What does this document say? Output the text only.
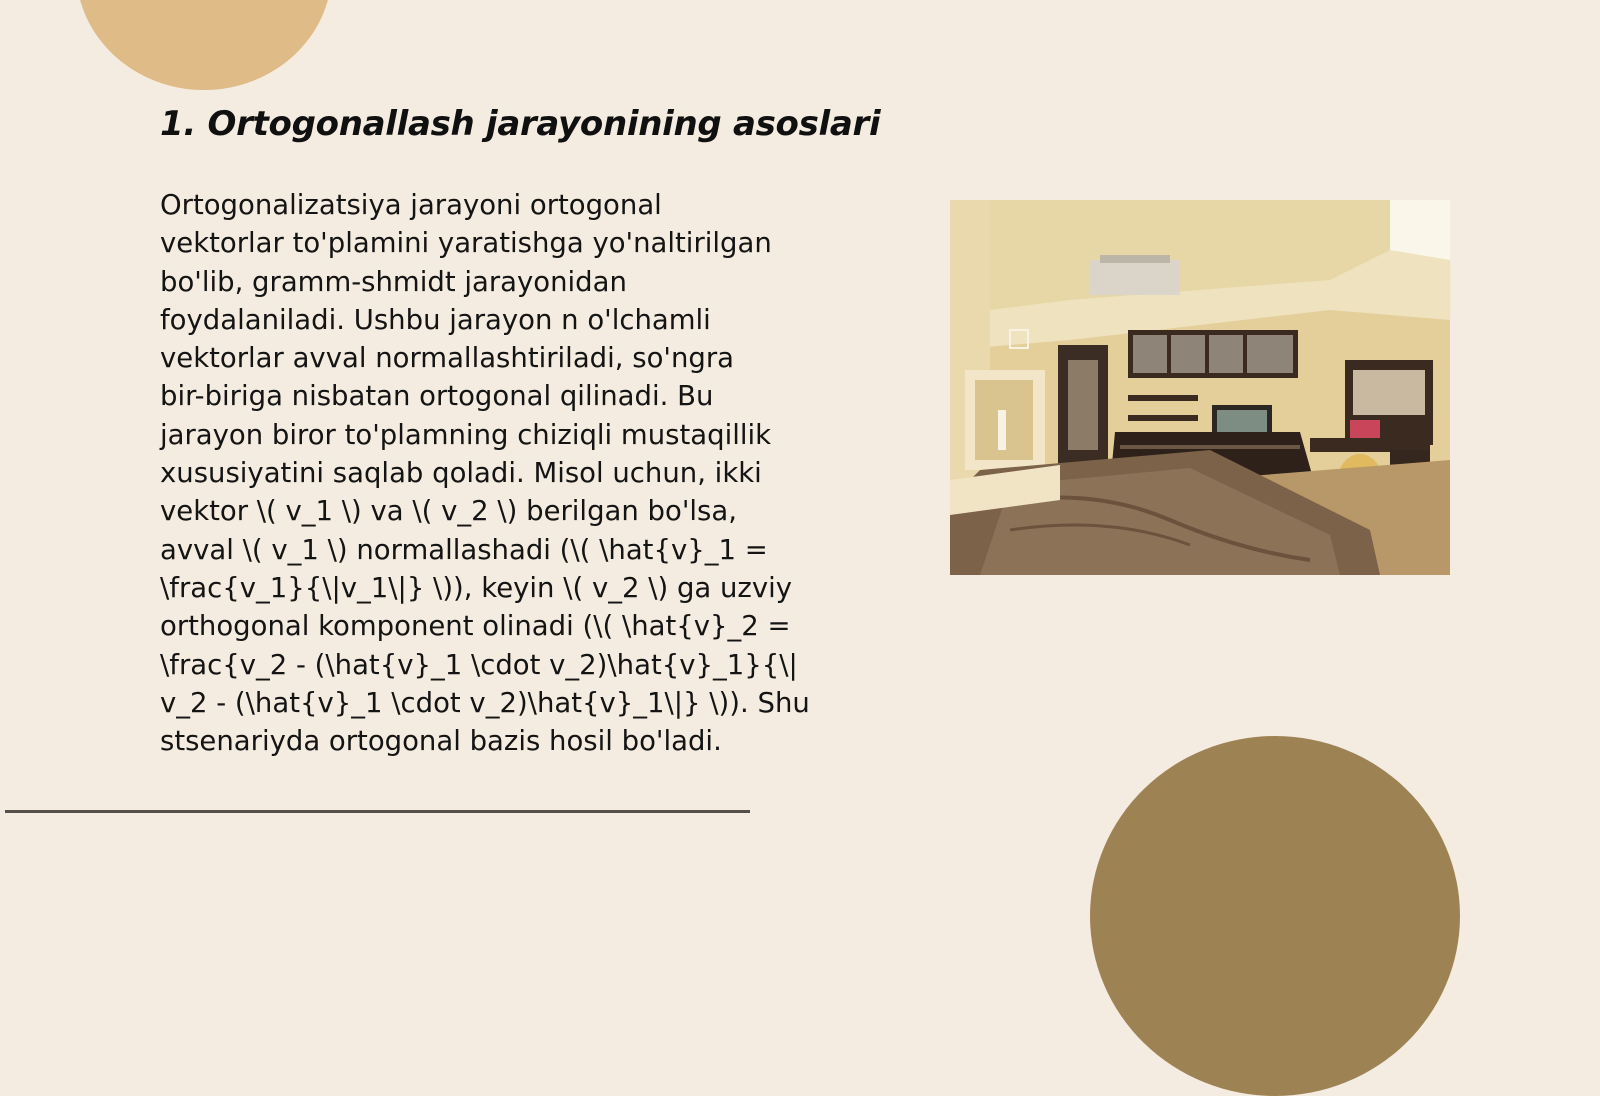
1. Ortogonallash jarayonining asoslari

Ortogonalizatsiya jarayoni ortogonal
vektorlar to'plamini yaratishga yo'naltirilgan
bo'lib, gramm-shmidt jarayonidan
foydalaniladi. Ushbu jarayon n o'lchamli
vektorlar avval normallashtiriladi, so'ngra
bir-biriga nisbatan ortogonal qilinadi. Bu
jarayon biror to'plamning chiziqli mustaqillik
xususiyatini saqlab qoladi. Misol uchun, ikki
vektor \( v_1 \) va \( v_2 \) berilgan bo'lsa,
avval \( v_1 \) normallashadi (\( \hat{v}_1 =
\frac{v_1}{\|v_1\|} \)), keyin \( v_2 \) ga uzviy
orthogonal komponent olinadi (\( \hat{v}_2 =
\frac{v_2 - (\hat{v}_1 \cdot v_2)\hat{v}_1}{\|
v_2 - (\hat{v}_1 \cdot v_2)\hat{v}_1\|} \)). Shu
stsenariyda ortogonal bazis hosil bo'ladi.
